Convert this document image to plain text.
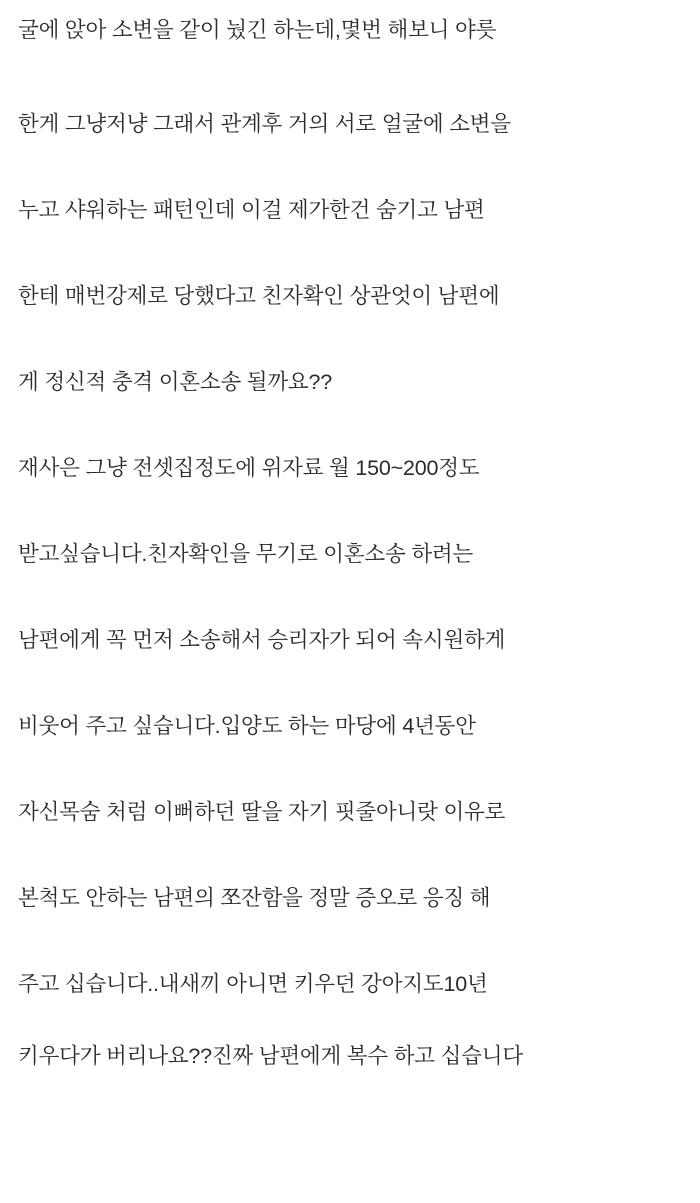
굴에 앉아 소변을 같이 눴긴 하는데,몇번 해보니 야릇

한게 그냥저냥 그래서 관계후 거의 서로 얼굴에 소변을

누고 샤워하는 패턴인데 이걸 제가한건 숨기고 남편

한테 매번강제로 당했다고 친자확인 상관엇이 남편에

게 정신적 충격 이혼소송 될까요??

재사은 그냥 전셋집정도에 위자료 월 150~200정도

받고싶습니다.친자확인을 무기로 이혼소송 하려는

남편에게 꼭 먼저 소송해서 승리자가 되어 속시원하게

비웃어 주고 싶습니다.입양도 하는 마당에 4년동안

자신목숨 처럼 이뻐하던 딸을 자기 핏줄아니랏 이유로

본척도 안하는 남편의 쪼잔함을 정말 증오로 응징 해

주고 십습니다..내새끼 아니면 키우던 강아지도10년

키우다가 버리나요??진짜 남편에게 복수 하고 십습니다
